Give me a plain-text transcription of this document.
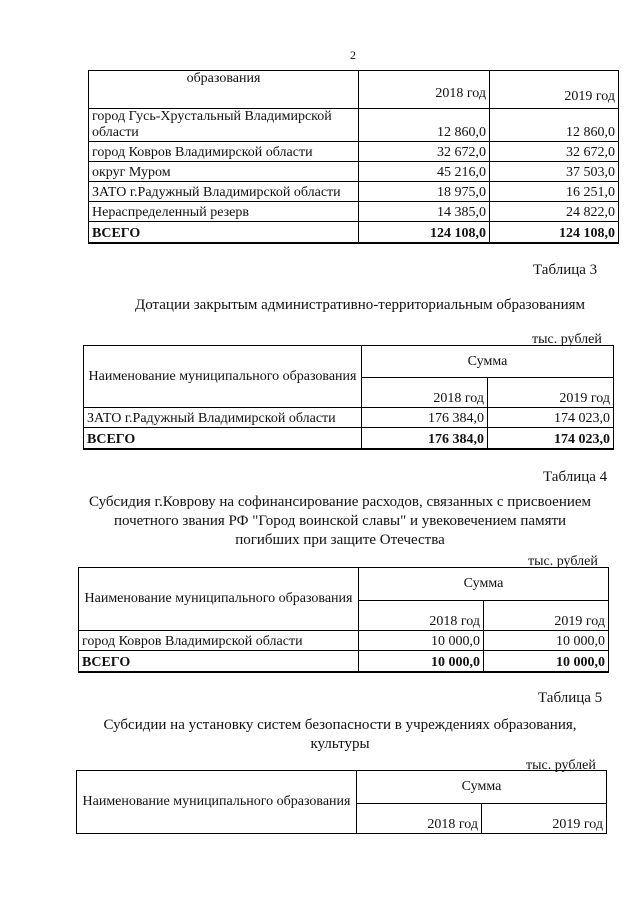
2
образования	2018 год	2019 год
город Гусь-Хрустальный Владимирской области	12 860,0	12 860,0
город Ковров Владимирской области	32 672,0	32 672,0
округ Муром	45 216,0	37 503,0
ЗАТО г.Радужный Владимирской области	18 975,0	16 251,0
Нераспределенный резерв	14 385,0	24 822,0
ВСЕГО	124 108,0	124 108,0
Таблица 3
Дотации закрытым административно-территориальным образованиям
тыс. рублей
Наименование муниципального образования	Сумма	
	2018 год	2019 год
ЗАТО г.Радужный Владимирской области	176 384,0	174 023,0
ВСЕГО	176 384,0	174 023,0
Таблица 4
Субсидия г.Коврову на софинансирование расходов, связанных с присвоением почетного звания РФ "Город воинской славы" и увековечением памяти погибших при защите Отечества
тыс. рублей
Наименование муниципального образования	Сумма	
	2018 год	2019 год
город Ковров Владимирской области	10 000,0	10 000,0
ВСЕГО	10 000,0	10 000,0
Таблица 5
Субсидии на установку систем безопасности в учреждениях образования, культуры
тыс. рублей
Наименование муниципального образования	Сумма	
	2018 год	2019 год
